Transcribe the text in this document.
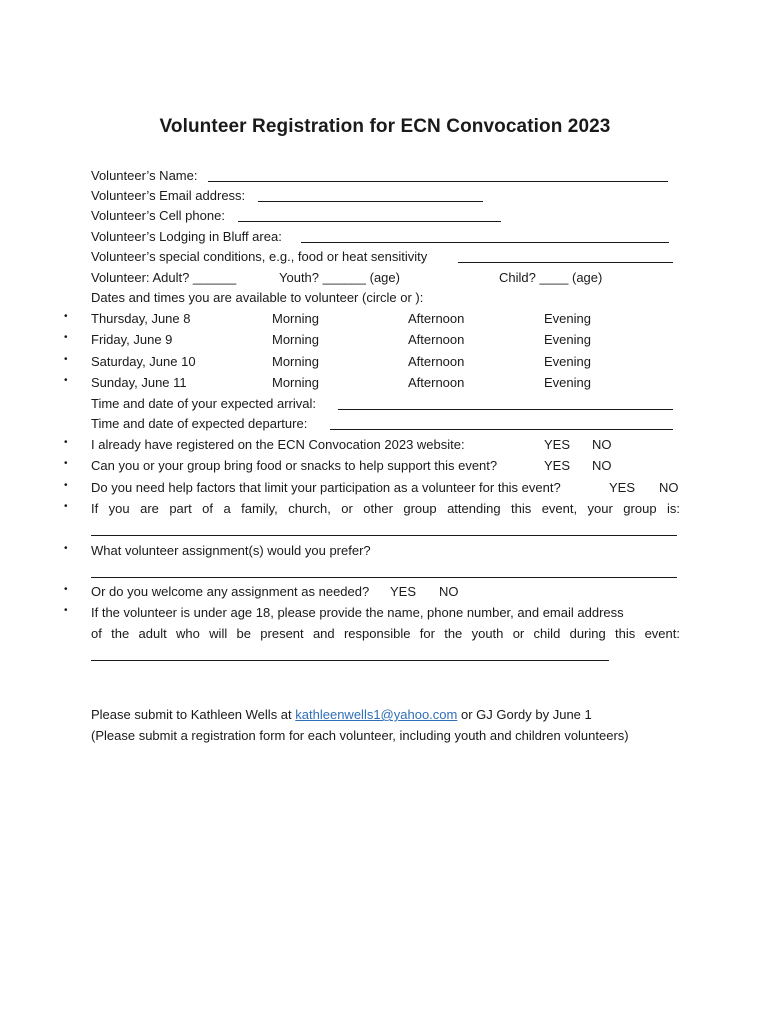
Volunteer Registration for ECN Convocation 2023
Volunteer’s Name:
Volunteer’s Email address:
Volunteer’s Cell phone:
Volunteer’s Lodging in Bluff area:
Volunteer’s special conditions, e.g., food or heat sensitivity
Volunteer: Adult? ______	Youth? ______ (age)	Child? ____ (age)
Dates and times you are available to volunteer (circle or ):
• Thursday, June 8	Morning	Afternoon	Evening
• Friday, June 9	Morning	Afternoon	Evening
• Saturday, June 10	Morning	Afternoon	Evening
• Sunday, June 11	Morning	Afternoon	Evening
Time and date of your expected arrival:
Time and date of expected departure:
• I already have registered on the ECN Convocation 2023 website:	YES NO
• Can you or your group bring food or snacks to help support this event?	YES NO
• Do you need help factors that limit your participation as a volunteer for this event?	YES NO
• If you are part of a family, church, or other group attending this event, your group is:
• What volunteer assignment(s) would you prefer?
• Or do you welcome any assignment as needed? YES NO
• If the volunteer is under age 18, please provide the name, phone number, and email address
of the adult who will be present and responsible for the youth or child during this event:
Please submit to Kathleen Wells at kathleenwells1@yahoo.com or GJ Gordy by June 1
(Please submit a registration form for each volunteer, including youth and children volunteers)
